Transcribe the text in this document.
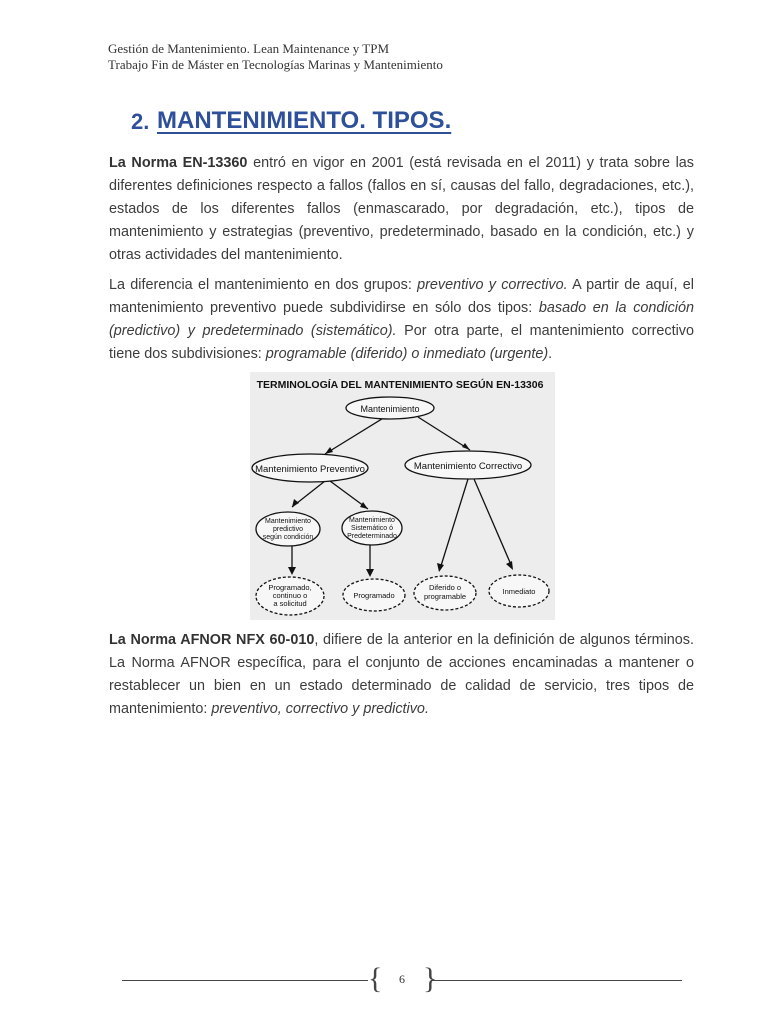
Gestión de Mantenimiento. Lean Maintenance y TPM
Trabajo Fin de Máster en Tecnologías Marinas y Mantenimiento
2. MANTENIMIENTO. TIPOS.
La Norma EN-13360 entró en vigor en 2001 (está revisada en el 2011) y trata sobre las diferentes definiciones respecto a fallos (fallos en sí, causas del fallo, degradaciones, etc.), estados de los diferentes fallos (enmascarado, por degradación, etc.), tipos de mantenimiento y estrategias (preventivo, predeterminado, basado en la condición, etc.) y otras actividades del mantenimiento.
La diferencia el mantenimiento en dos grupos: preventivo y correctivo. A partir de aquí, el mantenimiento preventivo puede subdividirse en sólo dos tipos: basado en la condición (predictivo) y predeterminado (sistemático). Por otra parte, el mantenimiento correctivo tiene dos subdivisiones: programable (diferido) o inmediato (urgente).
TERMINOLOGÍA DEL MANTENIMIENTO SEGÚN EN-13306
Mantenimiento
Mantenimiento Preventivo	Mantenimiento Correctivo
Mantenimiento
predictivo
según condición
Mantenimiento
Sistemático ó
Predeterminado
Programado,
continuo o
a solicitud
Programado
Diferido o
programable
Inmediato
La Norma AFNOR NFX 60-010, difiere de la anterior en la definición de algunos términos. La Norma AFNOR específica, para el conjunto de acciones encaminadas a mantener o restablecer un bien en un estado determinado de calidad de servicio, tres tipos de mantenimiento: preventivo, correctivo y predictivo.
{ }
6
